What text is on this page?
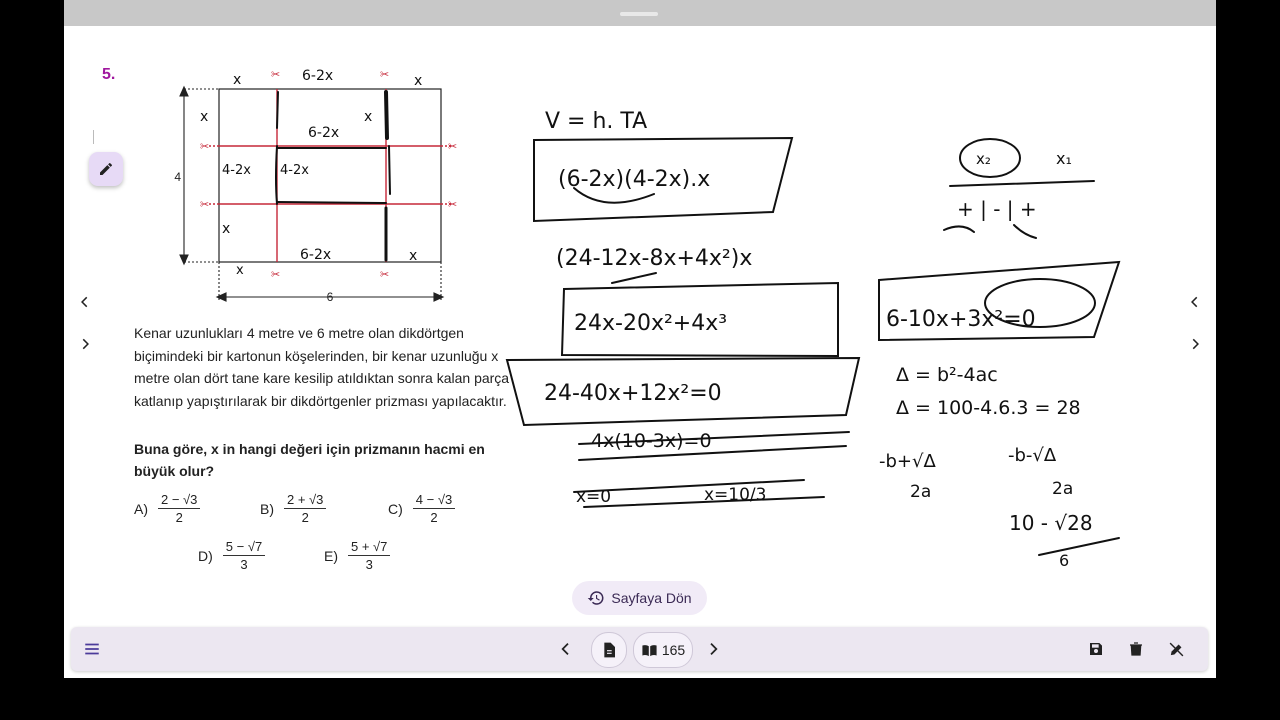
5.	✂	✂
✂
✂
✂
✂
✂	✂
4
6
x	x
x
x
x
x
x
6-2x
6-2x
4-2x 4-2x
6-2x
Kenar uzunlukları 4 metre ve 6 metre olan dikdörtgen biçimindeki bir kartonun köşelerinden, bir kenar uzunluğu x metre olan dört tane kare kesilip atıldıktan sonra kalan parça katlanıp yapıştırılarak bir dikdörtgenler prizması yapılacaktır.
Buna göre, x in hangi değeri için prizmanın hacmi en büyük olur?
$A) \frac{2 - √3}{2}$	$B) \frac{2 + √3}{2}$	$C) \frac{4 - √3}{2}$
$D) \frac{5 - √7}{3}$	$E) \frac{5 + √7}{3}$
V = h. TA
(6-2x)(4-2x).x
(24-12x-8x+4x²)x
24x-20x²+4x³
24-40x+12x²=0
4x(10-3x)=0
x=0	x=10/3
x₂	x₁
+ | - | +
6-10x+3x²=0
Δ = b²-4ac
Δ = 100-4.6.3 = 28
-b+√Δ
2a
-b-√Δ
2a
10 - √28
6
Sayfaya Dön
165
